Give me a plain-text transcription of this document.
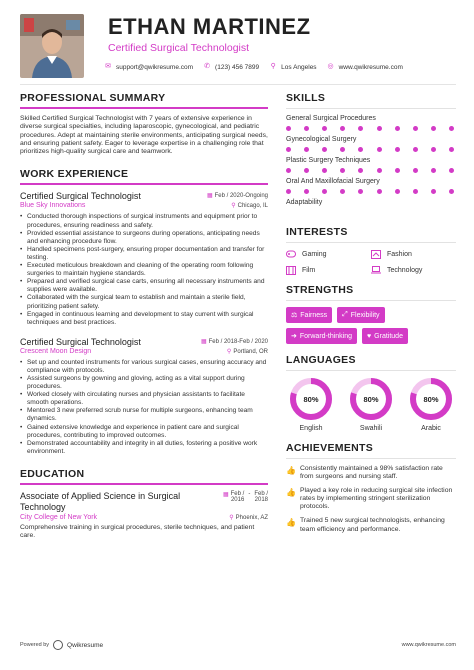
ETHAN MARTINEZ
Certified Surgical Technologist
✉ support@qwikresume.com ✆ (123) 456 7899 ⚲ Los Angeles ◎ www.qwikresume.com
PROFESSIONAL SUMMARY
Skilled Certified Surgical Technologist with 7 years of extensive experience in diverse surgical specialties, including laparoscopic, gynecological, and pediatric procedures. Adept at maintaining sterile environments, anticipating surgical needs, and ensuring patient safety. Eager to leverage expertise in a challenging role that prioritizes high-quality surgical care and teamwork.
WORK EXPERIENCE
Certified Surgical Technologist	▦ Feb / 2020-Ongoing
Blue Sky Innovations	⚲ Chicago, IL
• Conducted thorough inspections of surgical instruments and equipment prior to procedures, ensuring readiness and safety.
• Provided essential assistance to surgeons during operations, anticipating needs and enhancing procedure flow.
• Handled specimens post-surgery, ensuring proper documentation and transfer for testing.
• Executed meticulous breakdown and cleaning of the operating room following surgeries to maintain hygiene standards.
• Prepared and verified surgical case carts, ensuring all necessary instruments and supplies were available.
• Collaborated with the surgical team to establish and maintain a sterile field, prioritizing patient safety.
• Engaged in continuous learning and development to stay current with surgical techniques and best practices.
Certified Surgical Technologist	▦ Feb / 2018-Feb / 2020
Crescent Moon Design	⚲ Portland, OR
• Set up and counted instruments for various surgical cases, ensuring accuracy and compliance with protocols.
• Assisted surgeons by gowning and gloving, acting as a vital support during procedures.
• Worked closely with circulating nurses and physician assistants to facilitate smooth operations.
• Mentored 3 new preferred scrub nurse for multiple surgeons, enhancing team dynamics.
• Gained extensive knowledge and experience in patient care and surgical procedures, contributing to improved outcomes.
• Demonstrated accountability and integrity in all duties, fostering a positive work environment.
EDUCATION
Associate of Applied Science in Surgical Technology
▦ Feb /
2016
- Feb /
2018
City College of New York	⚲ Phoenix, AZ
Comprehensive training in surgical procedures, sterile techniques, and patient care.
SKILLS
General Surgical Procedures
Gynecological Surgery
Plastic Surgery Techniques
Oral And Maxillofacial Surgery
Adaptability
INTERESTS
Gaming	Fashion
Film	Technology
STRENGTHS
⚖ Fairness ⤢ Flexibility
➜ Forward-thinking ♥ Gratitude
LANGUAGES
80%
English
80%
Swahili
80%
Arabic
ACHIEVEMENTS
👍 Consistently maintained a 98% satisfaction rate from surgeons and nursing staff.
👍 Played a key role in reducing surgical site infection rates by implementing stringent sterilization protocols.
👍 Trained 5 new surgical technologists, enhancing team efficiency and performance.
Powered by	Qwikresume	www.qwikresume.com
